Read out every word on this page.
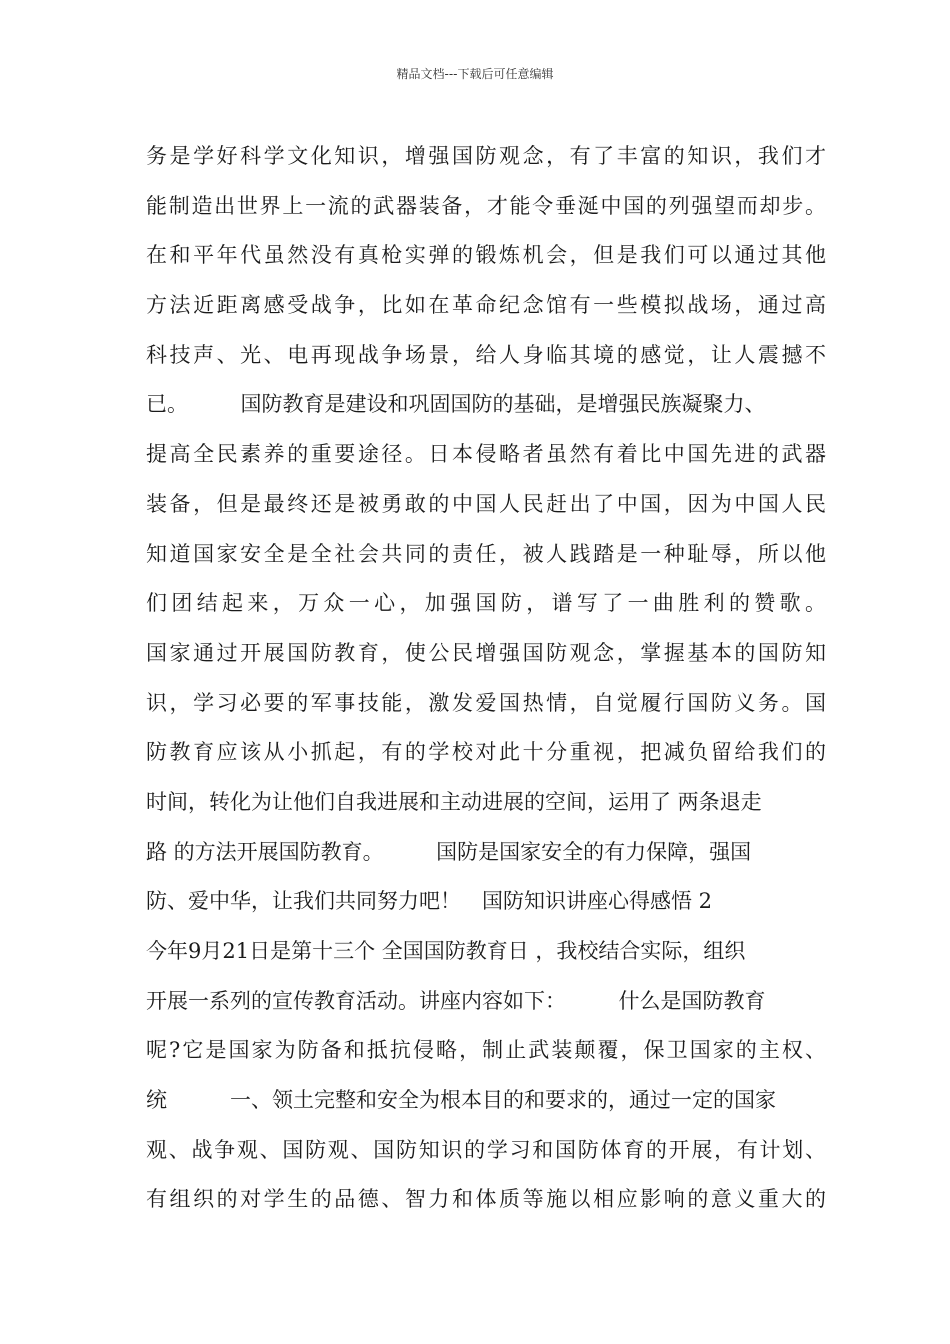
精品文档---下载后可任意编辑
务是学好科学文化知识，增强国防观念，有了丰富的知识，我们才
能制造出世界上一流的武器装备，才能令垂涎中国的列强望而却步。
在和平年代虽然没有真枪实弹的锻炼机会，但是我们可以通过其他
方法近距离感受战争，比如在革命纪念馆有一些模拟战场，通过高
科技声、光、电再现战争场景，给人身临其境的感觉，让人震撼不
已。　　　国防教育是建设和巩固国防的基础，是增强民族凝聚力、
提高全民素养的重要途径。日本侵略者虽然有着比中国先进的武器
装备，但是最终还是被勇敢的中国人民赶出了中国，因为中国人民
知道国家安全是全社会共同的责任，被人践踏是一种耻辱，所以他
们团结起来，万众一心，加强国防，谱写了一曲胜利的赞歌。
国家通过开展国防教育，使公民增强国防观念，掌握基本的国防知
识，学习必要的军事技能，激发爱国热情，自觉履行国防义务。国
防教育应该从小抓起，有的学校对此十分重视，把减负留给我们的
时间，转化为让他们自我进展和主动进展的空间，运用了 两条退走
路 的方法开展国防教育。　　　国防是国家安全的有力保障，强国
防、爱中华，让我们共同努力吧！　国防知识讲座心得感悟 2
今年9月21日是第十三个 全国国防教育日 ，我校结合实际，组织
开展一系列的宣传教育活动。讲座内容如下：　　　什么是国防教育
呢?它是国家为防备和抵抗侵略，制止武装颠覆，保卫国家的主权、
统　　　一、领土完整和安全为根本目的和要求的，通过一定的国家
观、战争观、国防观、国防知识的学习和国防体育的开展，有计划、
有组织的对学生的品德、智力和体质等施以相应影响的意义重大的
